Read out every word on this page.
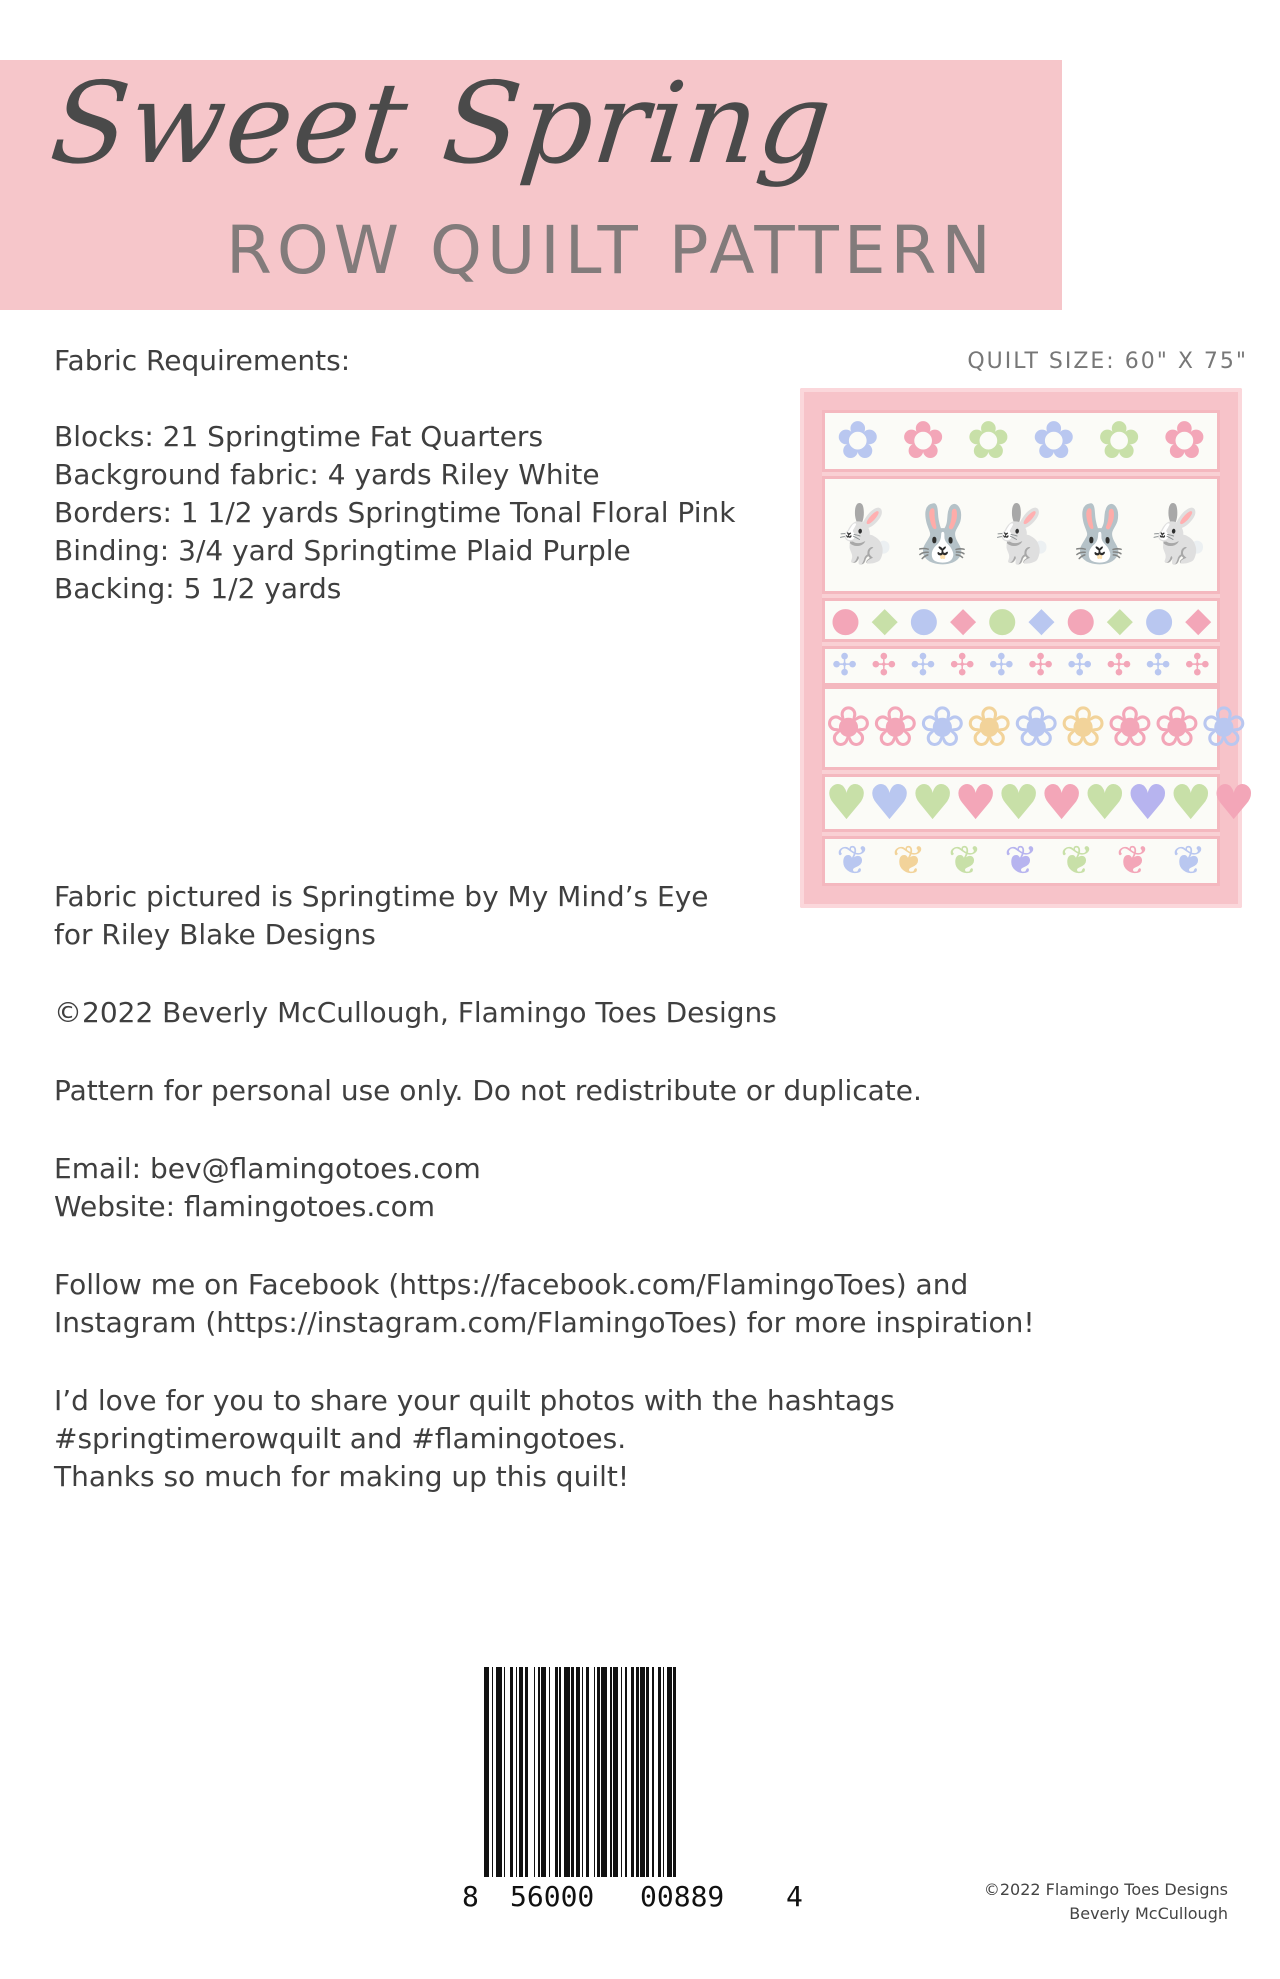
Sweet Spring
ROW QUILT PATTERN

Fabric Requirements:

Blocks: 21 Springtime Fat Quarters

Background fabric: 4 yards Riley White

Borders: 1 1/2 yards Springtime Tonal Floral Pink

Binding: 3/4 yard Springtime Plaid Purple

Backing: 5 1/2 yards

QUILT SIZE: 60" X 75"

✿ ✿ ✿ ✿ ✿ ✿
🐇 🐰 🐇 🐰 🐇
● ◆ ● ◆ ● ◆ ● ◆ ● ◆
✣ ✣ ✣ ✣ ✣ ✣ ✣ ✣ ✣ ✣
❀ ❀ ❀ ❀ ❀ ❀ ❀ ❀ ❀
♥ ♥ ♥ ♥ ♥ ♥ ♥ ♥ ♥ ♥
❦ ❦ ❦ ❦ ❦ ❦ ❦

Fabric pictured is Springtime by My Mind’s Eye

for Riley Blake Designs

©2022 Beverly McCullough, Flamingo Toes Designs

Pattern for personal use only. Do not redistribute or duplicate.

Email: bev@flamingotoes.com

Website: flamingotoes.com

Follow me on Facebook (https://facebook.com/FlamingoToes) and

Instagram (https://instagram.com/FlamingoToes) for more inspiration!

I’d love for you to share your quilt photos with the hashtags

#springtimerowquilt and #flamingotoes.

Thanks so much for making up this quilt!

8 56000 00889 4	©2022 Flamingo Toes Designs

Beverly McCullough
